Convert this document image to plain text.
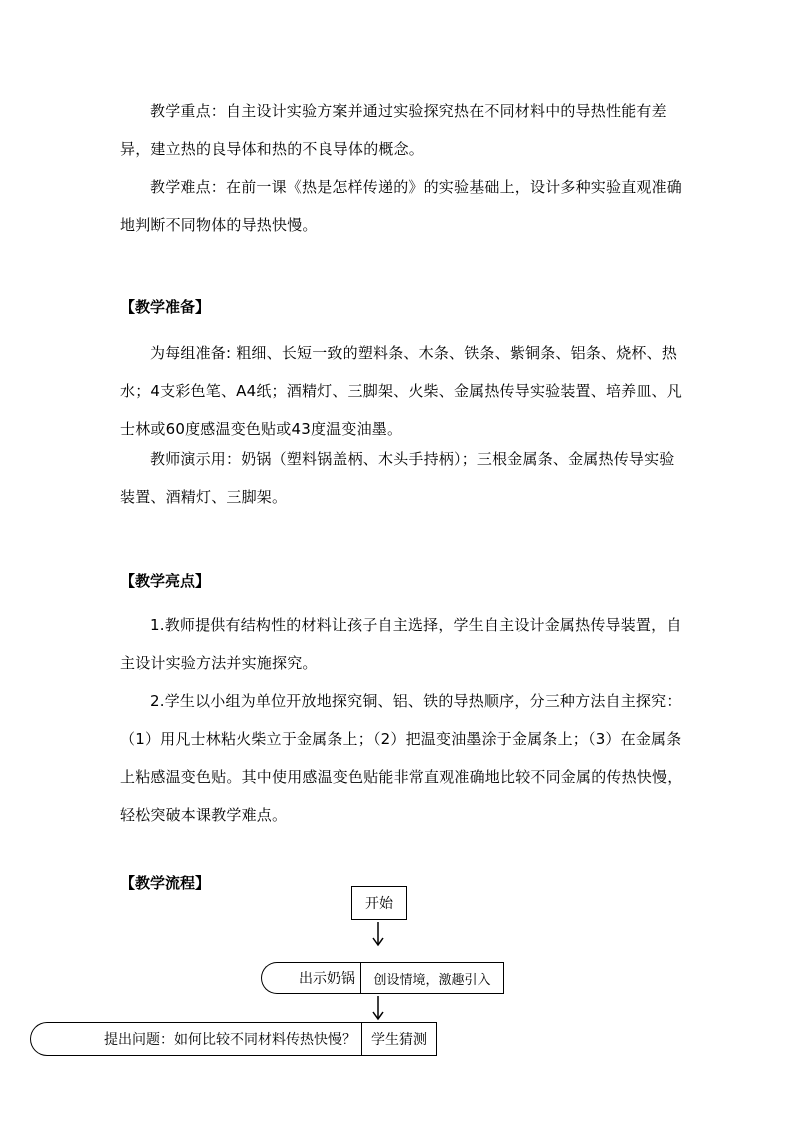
教学重点：自主设计实验方案并通过实验探究热在不同材料中的导热性能有差异，建立热的良导体和热的不良导体的概念。

教学难点：在前一课《热是怎样传递的》的实验基础上，设计多种实验直观准确地判断不同物体的导热快慢。

【教学准备】

为每组准备: 粗细、长短一致的塑料条、木条、铁条、紫铜条、铝条、烧杯、热水；4支彩色笔、A4纸；酒精灯、三脚架、火柴、金属热传导实验装置、培养皿、凡士林或60度感温变色贴或43度温变油墨。

教师演示用：奶锅（塑料锅盖柄、木头手持柄）；三根金属条、金属热传导实验装置、酒精灯、三脚架。

【教学亮点】

1.教师提供有结构性的材料让孩子自主选择，学生自主设计金属热传导装置，自主设计实验方法并实施探究。

2.学生以小组为单位开放地探究铜、铝、铁的导热顺序，分三种方法自主探究：（1）用凡士林粘火柴立于金属条上；（2）把温变油墨涂于金属条上；（3）在金属条上粘感温变色贴。其中使用感温变色贴能非常直观准确地比较不同金属的传热快慢，轻松突破本课教学难点。

【教学流程】

开始
出示奶锅	创设情境，激趣引入
提出问题：如何比较不同材料传热快慢？	学生猜测
